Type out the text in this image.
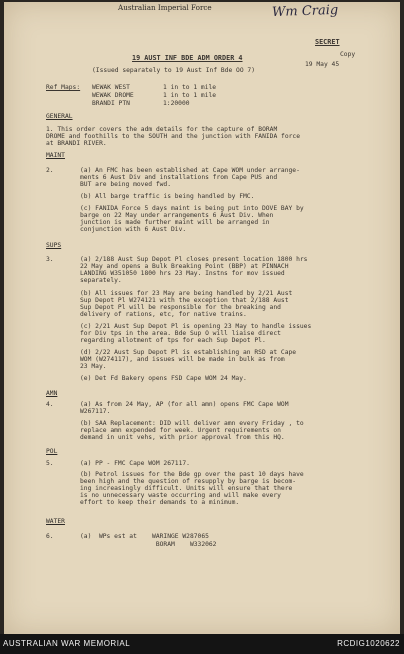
Australian Imperial Force	Wm Craig
SECRET
Copy
19 May 45
19 AUST INF BDE ADM ORDER 4
(Issued separately to 19 Aust Inf Bde OO 7)
Ref Maps: WEWAK WEST	1 in to 1 mile
WEWAK DROME	1 in to 1 mile
BRANDI PTN	1:20000
GENERAL
1. This order covers the adm details for the capture of BORAM
DROME and foothills to the SOUTH and the junction with FANIDA force
at BRANDI RIVER.
MAINT
2.	(a) An FMC has been established at Cape WOM under arrange-
ments 6 Aust Div and installations from Cape PUS and
BUT are being moved fwd.
(b) All barge traffic is being handled by FMC.
(c) FANIDA Force 5 days maint is being put into DOVE BAY by
barge on 22 May under arrangements 6 Aust Div. When
junction is made further maint will be arranged in
conjunction with 6 Aust Div.
SUPS
3.	(a) 2/188 Aust Sup Depot Pl closes present location 1800 hrs
22 May and opens a Bulk Breaking Point (BBP) at PINNACH
LANDING W351050 1800 hrs 23 May. Instns for mov issued
separately.
(b) All issues for 23 May are being handled by 2/21 Aust
Sup Depot Pl W274121 with the exception that 2/188 Aust
Sup Depot Pl will be responsible for the breaking and
delivery of rations, etc, for native trains.
(c) 2/21 Aust Sup Depot Pl is opening 23 May to handle issues
for Div tps in the area. Bde Sup O will liaise direct
regarding allotment of tps for each Sup Depot Pl.
(d) 2/22 Aust Sup Depot Pl is establishing an RSD at Cape
WOM (W274117), and issues will be made in bulk as from
23 May.
(e) Det Fd Bakery opens FSD Cape WOM 24 May.
AMN
4.	(a) As from 24 May, AP (for all amn) opens FMC Cape WOM
W267117.
(b) SAA Replacement: DID will deliver amn every Friday , to
replace amn expended for week. Urgent requirements on
demand in unit vehs, with prior approval from this HQ.
POL
5.	(a) PP - FMC Cape WOM 267117.
(b) Petrol issues for the Bde gp over the past 10 days have
been high and the question of resupply by barge is becom-
ing increasingly difficult. Units will ensure that there
is no unnecessary waste occurring and will make every
effort to keep their demands to a minimum.
WATER
6.	(a)  WPs est at    WARINGE W287065
BORAM    W332062
AUSTRALIAN WAR MEMORIAL	RCDIG1020622
